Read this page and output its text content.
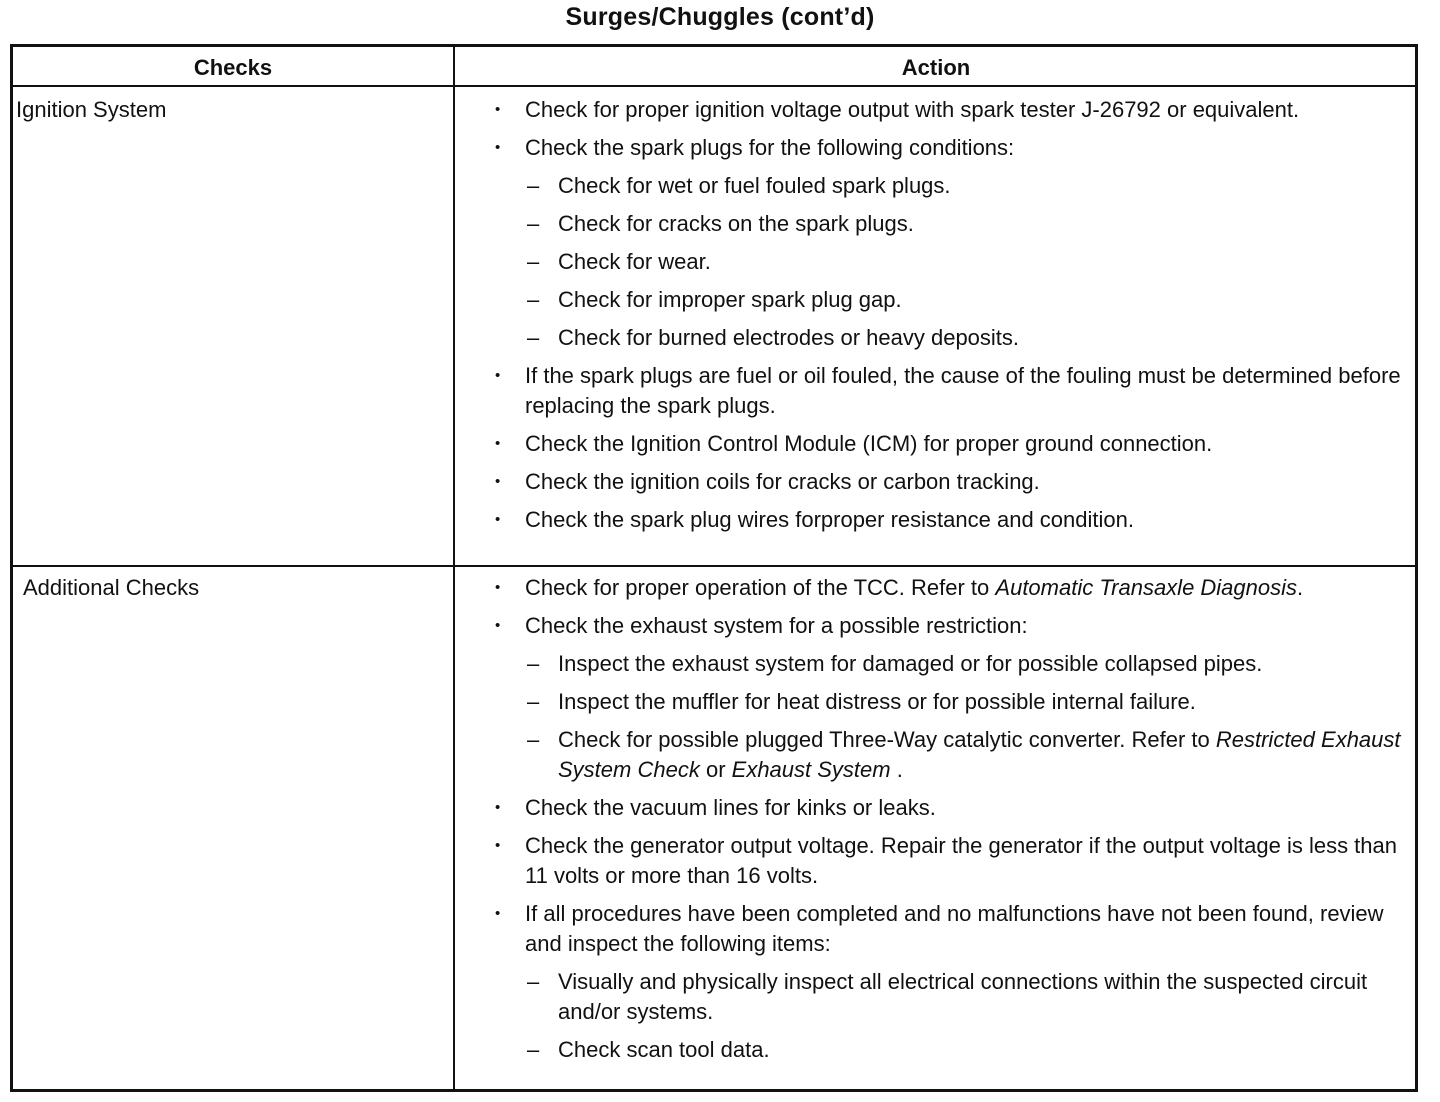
Surges/Chuggles (cont’d)
Checks	Action
Ignition System	• Check for proper ignition voltage output with spark tester J-26792 or equivalent.
• Check the spark plugs for the following conditions:
– Check for wet or fuel fouled spark plugs.
– Check for cracks on the spark plugs.
– Check for wear.
– Check for improper spark plug gap.
– Check for burned electrodes or heavy deposits.
• If the spark plugs are fuel or oil fouled, the cause of the fouling must be determined before replacing the spark plugs.
• Check the Ignition Control Module (ICM) for proper ground connection.
• Check the ignition coils for cracks or carbon tracking.
• Check the spark plug wires forproper resistance and condition.
Additional Checks	• Check for proper operation of the TCC. Refer to Automatic Transaxle Diagnosis.
• Check the exhaust system for a possible restriction:
– Inspect the exhaust system for damaged or for possible collapsed pipes.
– Inspect the muffler for heat distress or for possible internal failure.
– Check for possible plugged Three-Way catalytic converter. Refer to Restricted Exhaust System Check or Exhaust System .
• Check the vacuum lines for kinks or leaks.
• Check the generator output voltage. Repair the generator if the output voltage is less than 11 volts or more than 16 volts.
• If all procedures have been completed and no malfunctions have not been found, review and inspect the following items:
– Visually and physically inspect all electrical connections within the suspected circuit and/or systems.
– Check scan tool data.
